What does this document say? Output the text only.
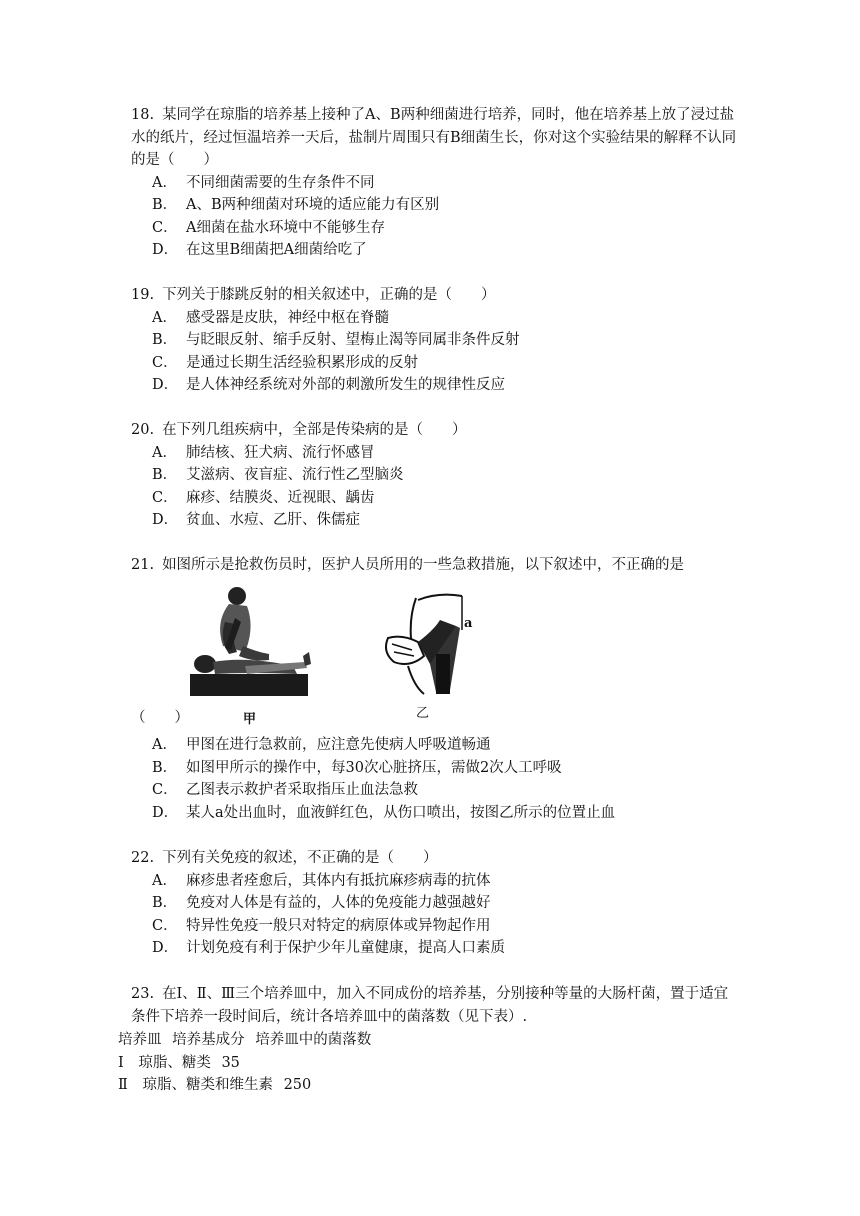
18. 某同学在琼脂的培养基上接种了A、B两种细菌进行培养，同时，他在培养基上放了浸过盐水的纸片，经过恒温培养一天后，盐制片周围只有B细菌生长，你对这个实验结果的解释不认同的是（　　）

A． 不同细菌需要的生存条件不同
B． A、B两种细菌对环境的适应能力有区别
C． A细菌在盐水环境中不能够生存
D． 在这里B细菌把A细菌给吃了

19. 下列关于膝跳反射的相关叙述中，正确的是（　　）

A． 感受器是皮肤，神经中枢在脊髓
B． 与眨眼反射、缩手反射、望梅止渴等同属非条件反射
C． 是通过长期生活经验积累形成的反射
D． 是人体神经系统对外部的刺激所发生的规律性反应

20. 在下列几组疾病中，全部是传染病的是（　　）

A． 肺结核、狂犬病、流行怀感冒
B． 艾滋病、夜盲症、流行性乙型脑炎
C． 麻疹、结膜炎、近视眼、龋齿
D． 贫血、水痘、乙肝、侏儒症

21. 如图所示是抢救伤员时，医护人员所用的一些急救措施，以下叙述中，不正确的是

甲
a
乙
（　　）
A． 甲图在进行急救前，应注意先使病人呼吸道畅通
B． 如图甲所示的操作中，每30次心脏挤压，需做2次人工呼吸
C． 乙图表示救护者采取指压止血法急救
D． 某人a处出血时，血液鲜红色，从伤口喷出，按图乙所示的位置止血

22. 下列有关免疫的叙述，不正确的是（　　）

A． 麻疹患者痊愈后，其体内有抵抗麻疹病毒的抗体
B． 免疫对人体是有益的，人体的免疫能力越强越好
C． 特异性免疫一般只对特定的病原体或异物起作用
D． 计划免疫有利于保护少年儿童健康，提高人口素质

23. 在Ⅰ、Ⅱ、Ⅲ三个培养皿中，加入不同成份的培养基，分别接种等量的大肠杆菌，置于适宜条件下培养一段时间后，统计各培养皿中的菌落数（见下表）.

培养皿 培养基成分 培养皿中的菌落数
Ⅰ 琼脂、糖类 35
Ⅱ 琼脂、糖类和维生素 250
